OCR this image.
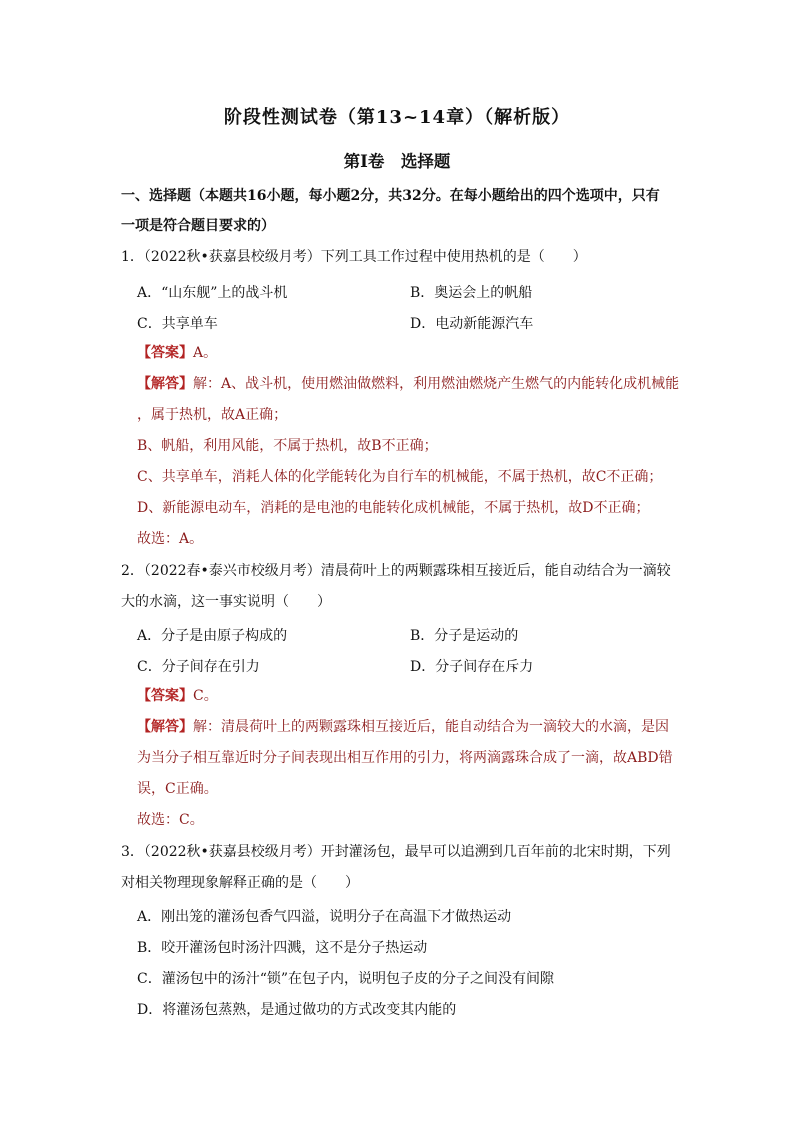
阶段性测试卷（第13~14章）（解析版）
第Ⅰ卷　选择题
一、选择题（本题共16小题，每小题2分，共32分。在每小题给出的四个选项中，只有
一项是符合题目要求的）
1．（2022秋•获嘉县校级月考）下列工具工作过程中使用热机的是（　　）
A．“山东舰”上的战斗机	B．奥运会上的帆船
C．共享单车	D．电动新能源汽车
【答案】A。
【解答】解：A、战斗机，使用燃油做燃料，利用燃油燃烧产生燃气的内能转化成机械能
，属于热机，故A正确；
B、帆船，利用风能，不属于热机，故B不正确；
C、共享单车，消耗人体的化学能转化为自行车的机械能，不属于热机，故C不正确；
D、新能源电动车，消耗的是电池的电能转化成机械能，不属于热机，故D不正确；
故选：A。
2．（2022春•泰兴市校级月考）清晨荷叶上的两颗露珠相互接近后，能自动结合为一滴较
大的水滴，这一事实说明（　　）
A．分子是由原子构成的	B．分子是运动的
C．分子间存在引力	D．分子间存在斥力
【答案】C。
【解答】解：清晨荷叶上的两颗露珠相互接近后，能自动结合为一滴较大的水滴，是因
为当分子相互靠近时分子间表现出相互作用的引力，将两滴露珠合成了一滴，故ABD错
误，C正确。
故选：C。
3．（2022秋•获嘉县校级月考）开封灌汤包，最早可以追溯到几百年前的北宋时期，下列
对相关物理现象解释正确的是（　　）
A．刚出笼的灌汤包香气四溢，说明分子在高温下才做热运动
B．咬开灌汤包时汤汁四溅，这不是分子热运动
C．灌汤包中的汤汁“锁”在包子内，说明包子皮的分子之间没有间隙
D．将灌汤包蒸熟，是通过做功的方式改变其内能的
